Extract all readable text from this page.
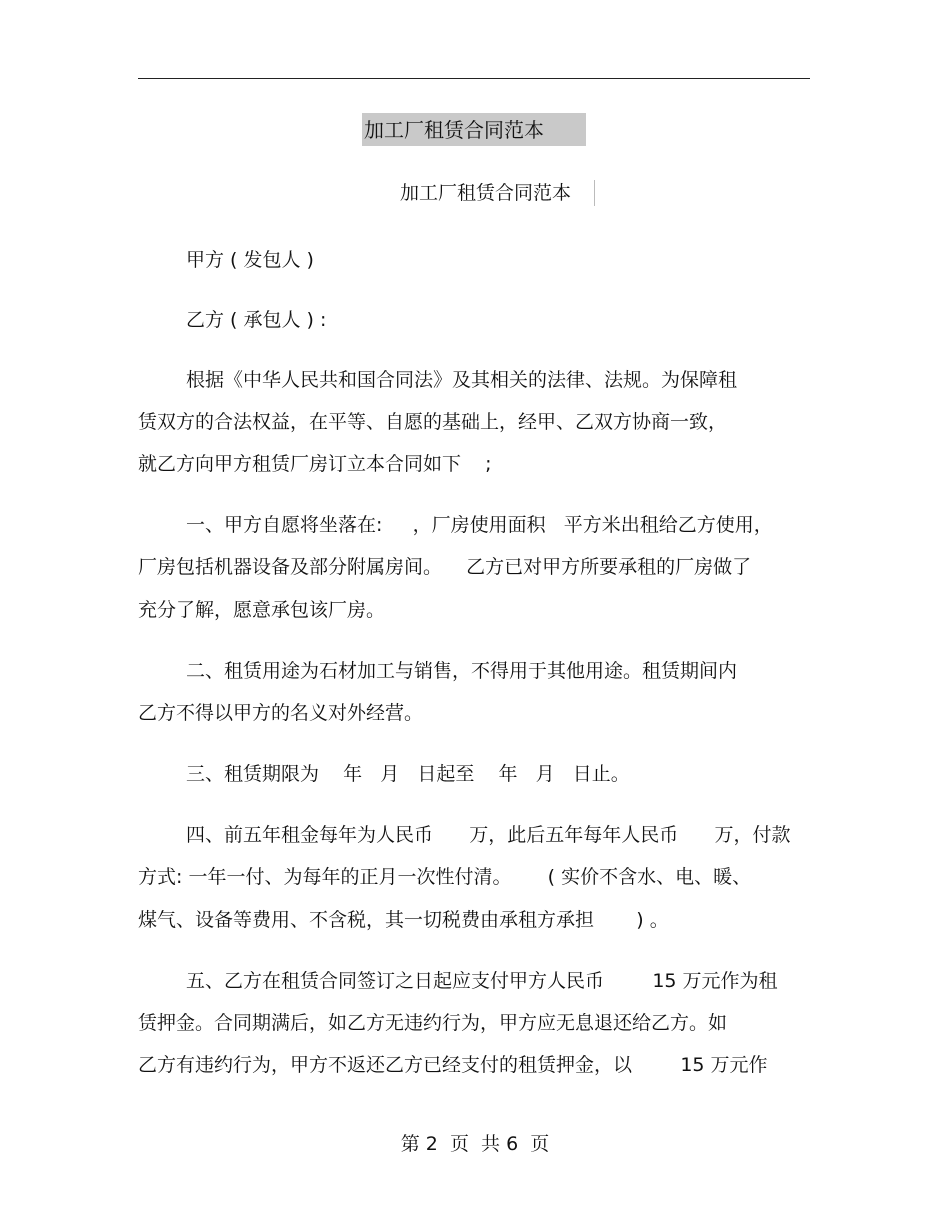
加工厂租赁合同范本
加工厂租赁合同范本
甲方 ( 发包人 )
乙方 ( 承包人 ) :
根据《中华人民共和国合同法》及其相关的法律、法规。为保障租
赁双方的合法权益，在平等、自愿的基础上，经甲、乙双方协商一致，
就乙方向甲方租赁厂房订立本合同如下    ;
一、甲方自愿将坐落在:     ，厂房使用面积   平方米出租给乙方使用，
厂房包括机器设备及部分附属房间。    乙方已对甲方所要承租的厂房做了
充分了解，愿意承包该厂房。
二、租赁用途为石材加工与销售，不得用于其他用途。租赁期间内
乙方不得以甲方的名义对外经营。
三、租赁期限为    年   月   日起至    年   月   日止。
四、前五年租金每年为人民币      万，此后五年每年人民币      万，付款
方式: 一年一付、为每年的正月一次性付清。      ( 实价不含水、电、暖、
煤气、设备等费用、不含税，其一切税费由承租方承担       ) 。
五、乙方在租赁合同签订之日起应支付甲方人民币        15 万元作为租
赁押金。合同期满后，如乙方无违约行为，甲方应无息退还给乙方。如
乙方有违约行为，甲方不返还乙方已经支付的租赁押金，以        15 万元作
第 2  页  共 6  页
